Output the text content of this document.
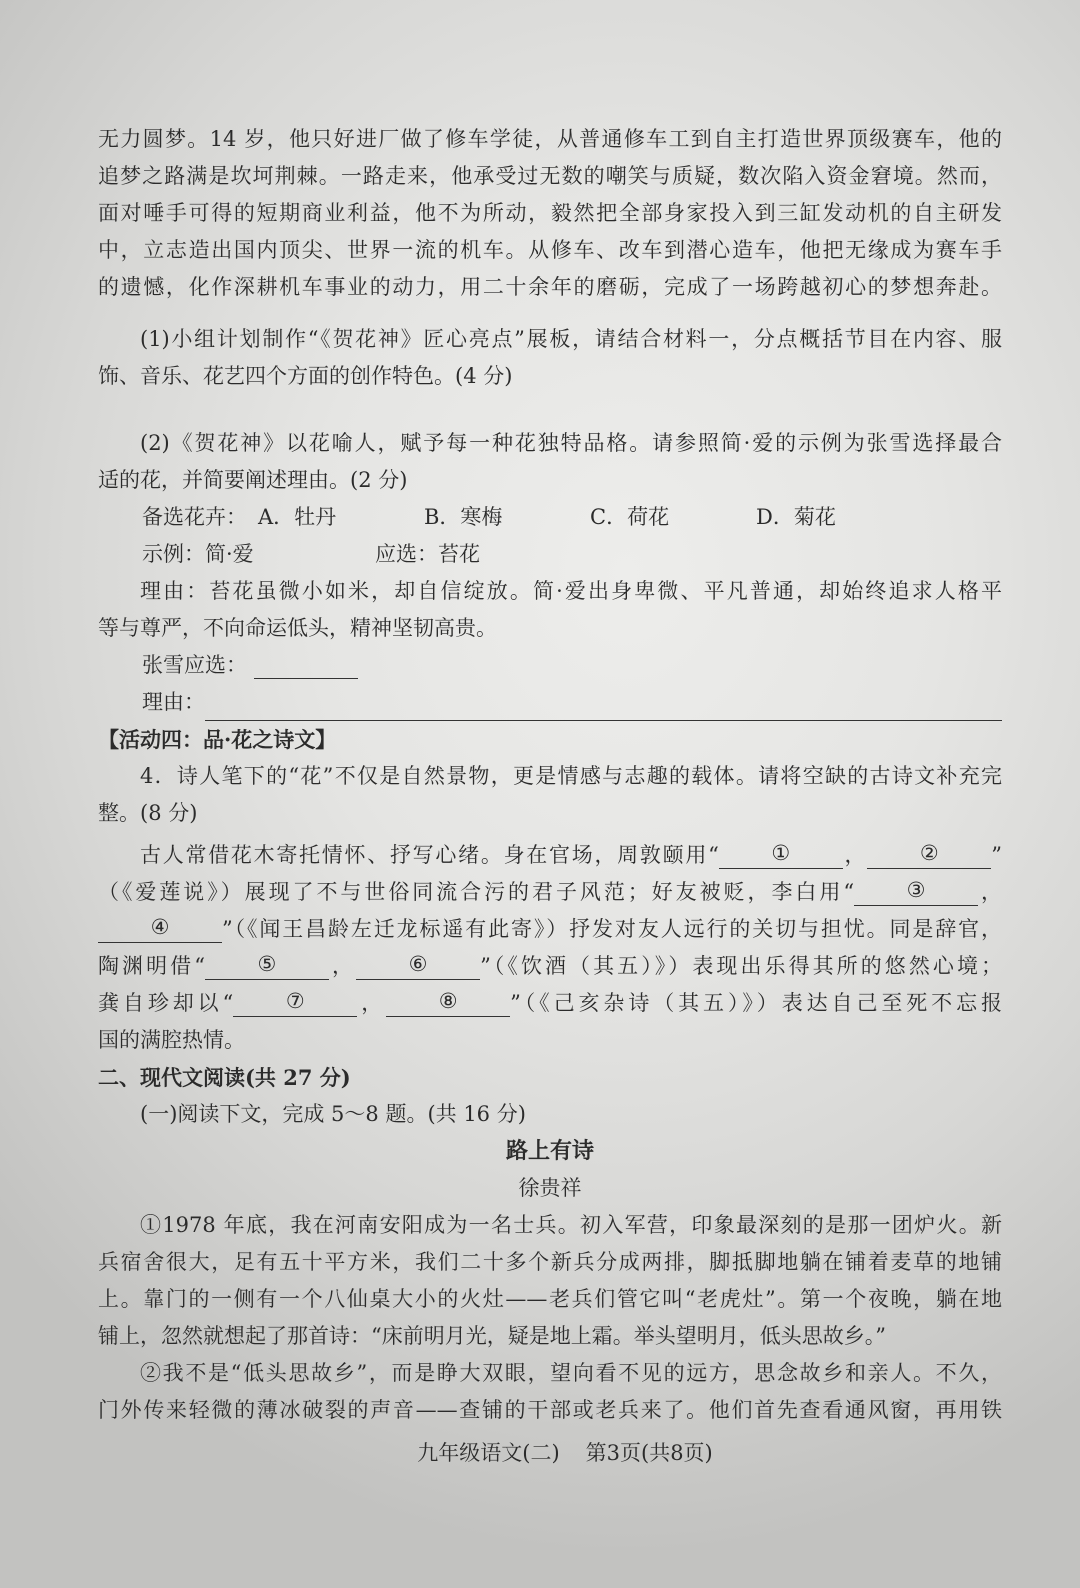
无力圆梦。14 岁，他只好进厂做了修车学徒，从普通修车工到自主打造世界顶级赛车，他的
追梦之路满是坎坷荆棘。一路走来，他承受过无数的嘲笑与质疑，数次陷入资金窘境。然而，
面对唾手可得的短期商业利益，他不为所动，毅然把全部身家投入到三缸发动机的自主研发
中，立志造出国内顶尖、世界一流的机车。从修车、改车到潜心造车，他把无缘成为赛车手
的遗憾，化作深耕机车事业的动力，用二十余年的磨砺，完成了一场跨越初心的梦想奔赴。
(1)小组计划制作“《贺花神》匠心亮点”展板，请结合材料一，分点概括节目在内容、服
饰、音乐、花艺四个方面的创作特色。(4 分)
(2)《贺花神》以花喻人，赋予每一种花独特品格。请参照简·爱的示例为张雪选择最合
适的花，并简要阐述理由。(2 分)
备选花卉： A．牡丹	B．寒梅	C．荷花	D．菊花
示例：简·爱	应选：苔花
理由：苔花虽微小如米，却自信绽放。简·爱出身卑微、平凡普通，却始终追求人格平
等与尊严，不向命运低头，精神坚韧高贵。
张雪应选：
理由：
【活动四：品·花之诗文】
4．诗人笔下的“花”不仅是自然景物，更是情感与志趣的载体。请将空缺的古诗文补充完
整。(8 分)
古人常借花木寄托情怀、抒写心绪。身在官场，周敦颐用“	①	，	②	”
（《爱莲说》）展现了不与世俗同流合污的君子风范；好友被贬，李白用“	③	，
④	”（《闻王昌龄左迁龙标遥有此寄》）抒发对友人远行的关切与担忧。同是辞官，
陶渊明借“	⑤	，	⑥	”（《饮酒（其五）》）表现出乐得其所的悠然心境；
龚自珍却以“	⑦	，	⑧	”（《己亥杂诗（其五）》）表达自己至死不忘报
国的满腔热情。
二、现代文阅读(共 27 分)
(一)阅读下文，完成 5～8 题。(共 16 分)
路上有诗
徐贵祥
①1978 年底，我在河南安阳成为一名士兵。初入军营，印象最深刻的是那一团炉火。新
兵宿舍很大，足有五十平方米，我们二十多个新兵分成两排，脚抵脚地躺在铺着麦草的地铺
上。靠门的一侧有一个八仙桌大小的火灶——老兵们管它叫“老虎灶”。第一个夜晚，躺在地
铺上，忽然就想起了那首诗：“床前明月光，疑是地上霜。举头望明月，低头思故乡。”
②我不是“低头思故乡”，而是睁大双眼，望向看不见的远方，思念故乡和亲人。不久，
门外传来轻微的薄冰破裂的声音——查铺的干部或老兵来了。他们首先查看通风窗，再用铁
九年级语文(二) 第3页(共8页)
